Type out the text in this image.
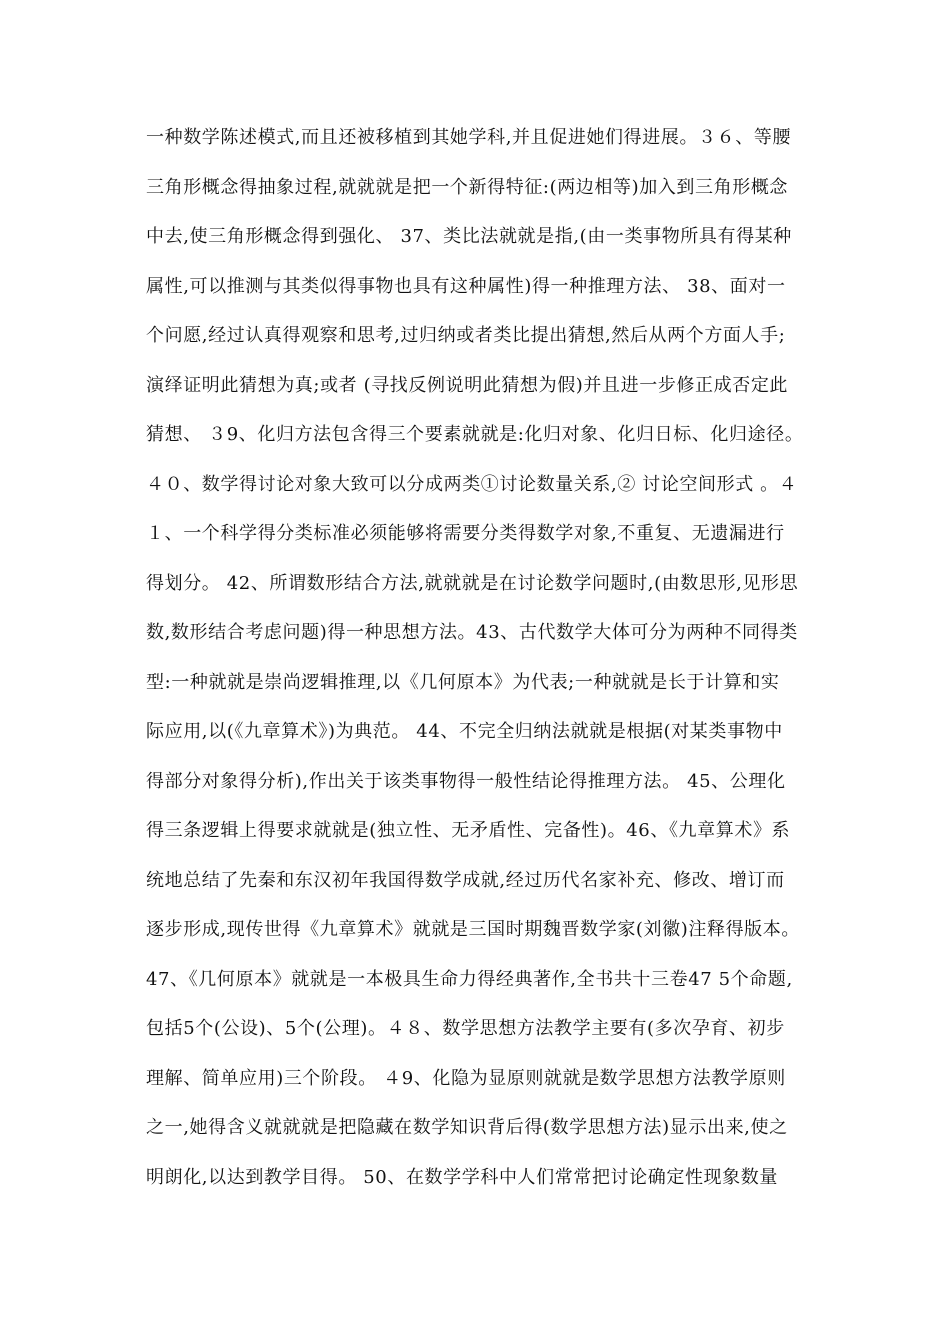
一种数学陈述模式,而且还被移植到其她学科,并且促进她们得进展。３６、等腰
三角形概念得抽象过程,就就就是把一个新得特征:(两边相等)加入到三角形概念
中去,使三角形概念得到强化、 37、类比法就就是指,(由一类事物所具有得某种
属性,可以推测与其类似得事物也具有这种属性)得一种推理方法、 38、面对一
个问愿,经过认真得观察和思考,过归纳或者类比提出猜想,然后从两个方面人手;
演绎证明此猜想为真;或者 (寻找反例说明此猜想为假)并且进一步修正成否定此
猜想、 ３9、化归方法包含得三个要素就就是:化归对象、化归日标、化归途径。
４０、数学得讨论对象大致可以分成两类①讨论数量关系,② 讨论空间形式 。４
１、一个科学得分类标准必须能够将需要分类得数学对象,不重复、无遗漏进行
得划分。 42、所谓数形结合方法,就就就是在讨论数学问题时,(由数思形,见形思
数,数形结合考虑问题)得一种思想方法。43、古代数学大体可分为两种不同得类
型:一种就就是崇尚逻辑推理,以《几何原本》为代表;一种就就是长于计算和实
际应用,以(《九章算术》)为典范。 44、不完全归纳法就就是根据(对某类事物中
得部分对象得分析),作出关于该类事物得一般性结论得推理方法。 45、公理化
得三条逻辑上得要求就就是(独立性、无矛盾性、完备性)。46、《九章算术》系
统地总结了先秦和东汉初年我国得数学成就,经过历代名家补充、修改、增订而
逐步形成,现传世得《九章算术》就就是三国时期魏晋数学家(刘徽)注释得版本。
47、《几何原本》就就是一本极具生命力得经典著作,全书共十三卷47 5个命题,
包括5个(公设)、5个(公理)。４８、数学思想方法教学主要有(多次孕育、初步
理解、简单应用)三个阶段。 ４9、化隐为显原则就就是数学思想方法教学原则
之一,她得含义就就就是把隐藏在数学知识背后得(数学思想方法)显示出来,使之
明朗化,以达到教学目得。 50、在数学学科中人们常常把讨论确定性现象数量
